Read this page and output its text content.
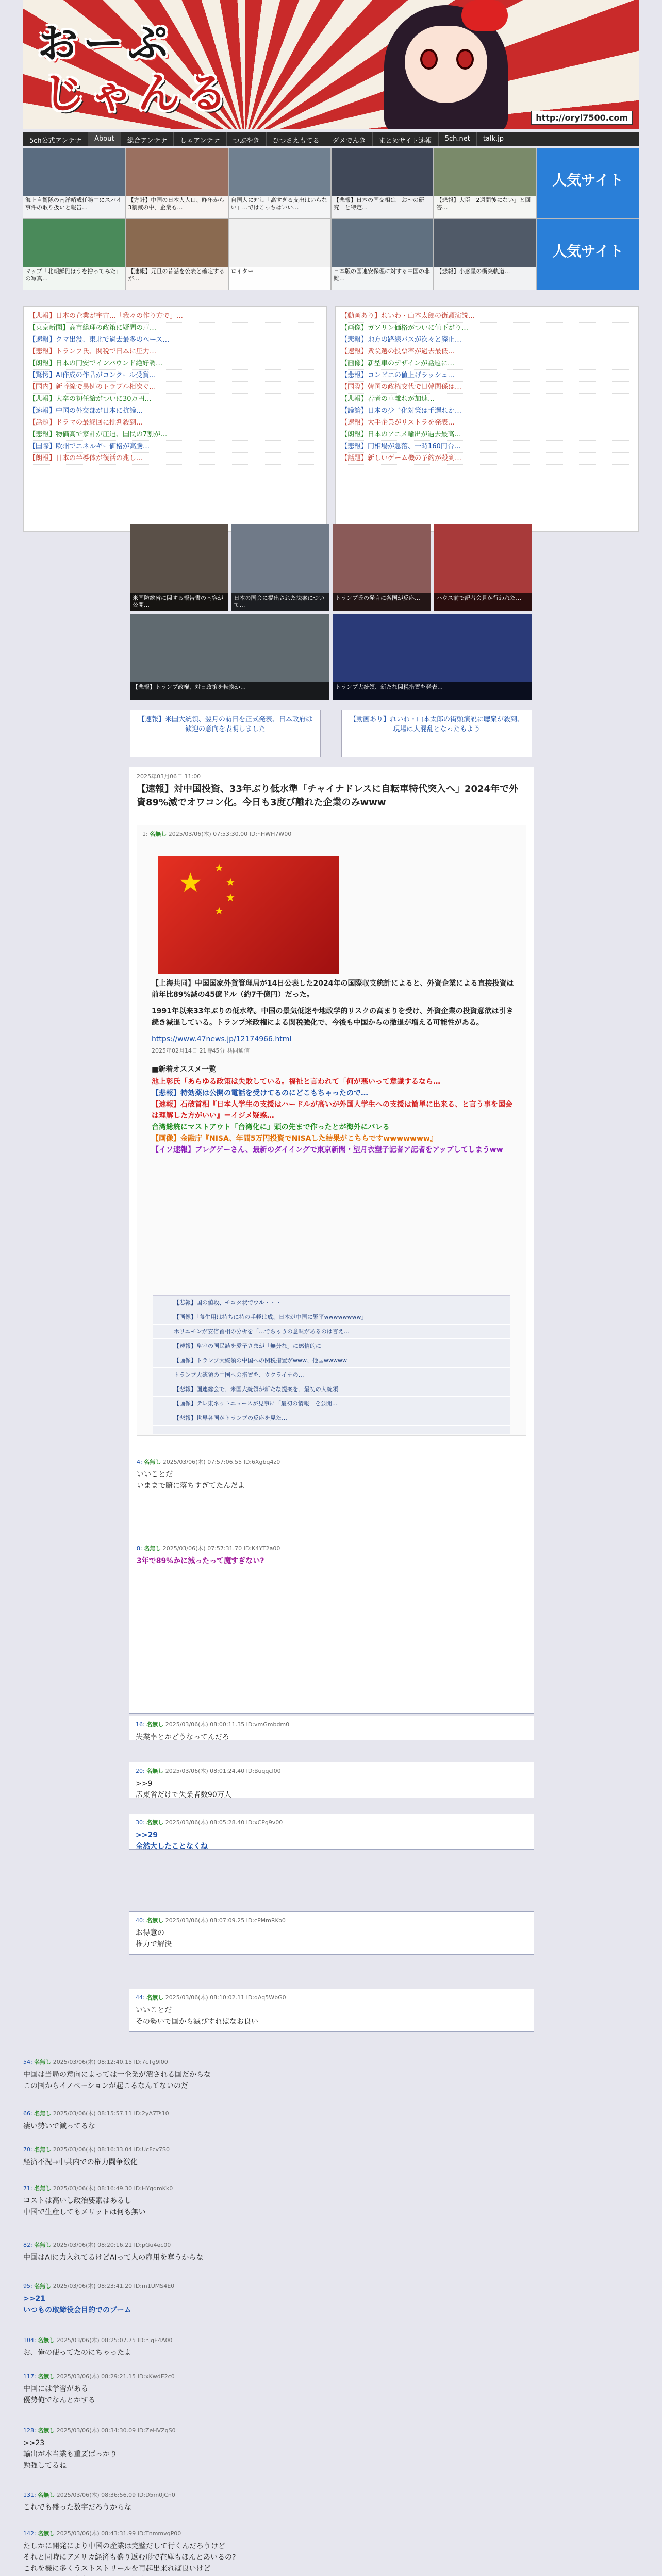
おーぷ
じゃんる	http://oryl7500.com
5ch公式アンテナ	About	総合アンテナ	しゃアンテナ	つぶやき	ひつさえもてる	ダメでんき	まとめサイト速報	5ch.net	talk.jp
海上自衛隊の南洋哨戒任務中にスパイ事件の取り扱いと報告…
【方針】中国の日本人人口、昨年から3割減の中、企業も…
自国人に対し「高すぎる支出はいらない」…ではこっちはいい…
【悲報】日本の国交相は「お〜の研究」と特定…
【悲報】大臣「2週間後にない」と回答…
人気サイト
マップ「北朝鮮側ほうを捨ってみた」の写真…
【速報】元旦の昔話を公表と確定するが…
ロイター	日本版の国連安保理に対する中国の非難…
【悲報】小惑星の衝突軌道…
人気サイト
【悲報】日本の企業が宇宙…「我々の作り方で」…
【東京新聞】高市総理の政策に疑問の声…
【速報】クマ出没、東北で過去最多のペース…
【悲報】トランプ氏、関税で日本に圧力…
【朗報】日本の円安でインバウンド絶好調…
【驚愕】AI作成の作品がコンクール受賞…
【国内】新幹線で異例のトラブル相次ぐ…
【悲報】大卒の初任給がついに30万円…
【速報】中国の外交部が日本に抗議…
【話題】ドラマの最終回に批判殺到…
【悲報】物価高で家計が圧迫、国民の7割が…
【国際】欧州でエネルギー価格が高騰…
【朗報】日本の半導体が復活の兆し…
【動画あり】れいわ・山本太郎の街頭演説…
【画像】ガソリン価格がついに値下がり…
【悲報】地方の路線バスが次々と廃止…
【速報】衆院選の投票率が過去最低…
【画像】新型車のデザインが話題に…
【悲報】コンビニの値上げラッシュ…
【国際】韓国の政権交代で日韓関係は…
【悲報】若者の車離れが加速…
【議論】日本の少子化対策は手遅れか…
【速報】大手企業がリストラを発表…
【朗報】日本のアニメ輸出が過去最高…
【悲報】円相場が急落、一時160円台…
【話題】新しいゲーム機の予約が殺到…
米国防総省に関する報告書の内容が公開…
日本の国会に提出された法案について…
トランプ氏の発言に各国が反応…	ハウス前で記者会見が行われた…
【悲報】トランプ政権、対日政策を転換か…	トランプ大統領、新たな関税措置を発表…
【速報】米国大統領、翌月の訪日を正式発表、日本政府は歓迎の意向を表明しました
【動画あり】れいわ・山本太郎の街頭演説に聴衆が殺到、現場は大混乱となったもよう
2025年03月06日 11:00
【速報】対中国投資、33年ぶり低水準「チャイナドレスに自転車特代突入へ」2024年で外資89%減でオワコン化。今日も3度び離れた企業のみwww
1: 名無し 2025/03/06(木) 07:53:30.00 ID:hHWH7W00
★ ★
★
★
★

【上海共同】中国国家外貨管理局が14日公表した2024年の国際収支統計によると、外資企業による直接投資は前年比89%減の45億ドル（約7千億円）だった。

1991年以来33年ぶりの低水準。中国の景気低迷や地政学的リスクの高まりを受け、外資企業の投資意欲は引き続き減退している。トランプ米政権による関税強化で、今後も中国からの撤退が増える可能性がある。

https://www.47news.jp/12174966.html
2025年02月14日 21時45分 共同通信

■新着オススメ一覧

池上彰氏「あらゆる政策は失敗している。福祉と言われて「何が悪いって意識するなら…
【悲報】特効薬は公開の電話を受けてるのにどこもちゃったので…
【速報】石破首相『日本人学生の支援はハードルが高いが外国人学生への支援は簡単に出来る、と言う事を国会は理解した方がいい』＝イジメ疑惑…
台湾総統にマストアウト「台湾化に」頭の先まで作ったとが海外にバレる
【画像】金融庁『NISA、年間5万円投資でNISAした結果がこちらですwwwwwww』
【イソ速報】ブレグゲーさん、最新のダイイングで東京新聞・望月衣塑子記者ア記者をアップしてしまうww
【悲報】国の値段、モコタ状でウル・・・
【画像】「養生用は持ちに持の手軽は成、日本が中国に緊平wwwwwwww」
ホリエモンが安倍首相の分析を「…でちゃうの意味があるのは言え…
【速報】皇室の国民誌を愛子さまが「無分な」に感情的に
【画像】トランプ大統領の中国への関税措置がwww、他国wwwww
トランプ大統領の中国への措置を、ウクライナの…
【悲報】国連総会で、米国大統領が新たな提案を、最初の大統領
【画像】テレ東ネットニュースが見事に「最初の情報」を公開…
【悲報】世界各国がトランプの反応を見た…
4: 名無し 2025/03/06(木) 07:57:06.55 ID:6Xgbq4z0
いいことだ
いままで腑に落ちすぎてたんだよ
8: 名無し 2025/03/06(木) 07:57:31.70 ID:K4YT2a00
3年で89%かに減ったって魔すぎない?
16: 名無し 2025/03/06(木) 08:00:11.35 ID:vmGmbdm0
失業率とかどうなってんだろ
20: 名無し 2025/03/06(木) 08:01:24.40 ID:Buqqcl00
>>9
広東省だけで失業者数90万人
30: 名無し 2025/03/06(木) 08:05:28.40 ID:xCPg9v00
>>29
全然大したことなくね
40: 名無し 2025/03/06(木) 08:07:09.25 ID:cPMmRKo0
お得意の
権力で解決
44: 名無し 2025/03/06(木) 08:10:02.11 ID:qAq5WbG0
いいことだ
その勢いで国から滅びすればなお良い
54: 名無し 2025/03/06(木) 08:12:40.15 ID:7cTg9l00
中国は当局の意向によっては一企業が潰される国だからな
この国からイノベーションが起こるなんてないのだ
66: 名無し 2025/03/06(木) 08:15:57.11 ID:2yA7Ts10
凄い勢いで減ってるな
70: 名無し 2025/03/06(木) 08:16:33.04 ID:UcFcv7S0
経済不況→中共内での権力闘争激化
71: 名無し 2025/03/06(木) 08:16:49.30 ID:HYgdmKk0
コストは高いし政治要素はあるし
中国で生産してもメリットは何も無い
82: 名無し 2025/03/06(木) 08:20:16.21 ID:pGu4ec00
中国はAIに力入れてるけどAIって人の雇用を奪うからな
95: 名無し 2025/03/06(木) 08:23:41.20 ID:m1UMS4E0
>>21
いつもの取締役会目的でのブーム
104: 名無し 2025/03/06(木) 08:25:07.75 ID:hjqE4A00
お、俺の使ってたのにちゃったよ
117: 名無し 2025/03/06(木) 08:29:21.15 ID:xKwdE2c0
中国には学習がある
優勢俺でなんとかする
128: 名無し 2025/03/06(木) 08:34:30.09 ID:ZeHVZqS0
>>23
輸出が本当業も重要ばっかり
勉強してるね
131: 名無し 2025/03/06(木) 08:36:56.09 ID:D5m0jCn0
これでも盛った数字だろうからな
142: 名無し 2025/03/06(木) 08:43:31.99 ID:TnmmvqP00
たしかに開発により中国の産業は完璧だして行くんだろうけど
それと同時にアメリカ経済も盛り返む形で在庫もほんとあいるの?
これを機に多くうストストリールを再起出来れば良いけど
